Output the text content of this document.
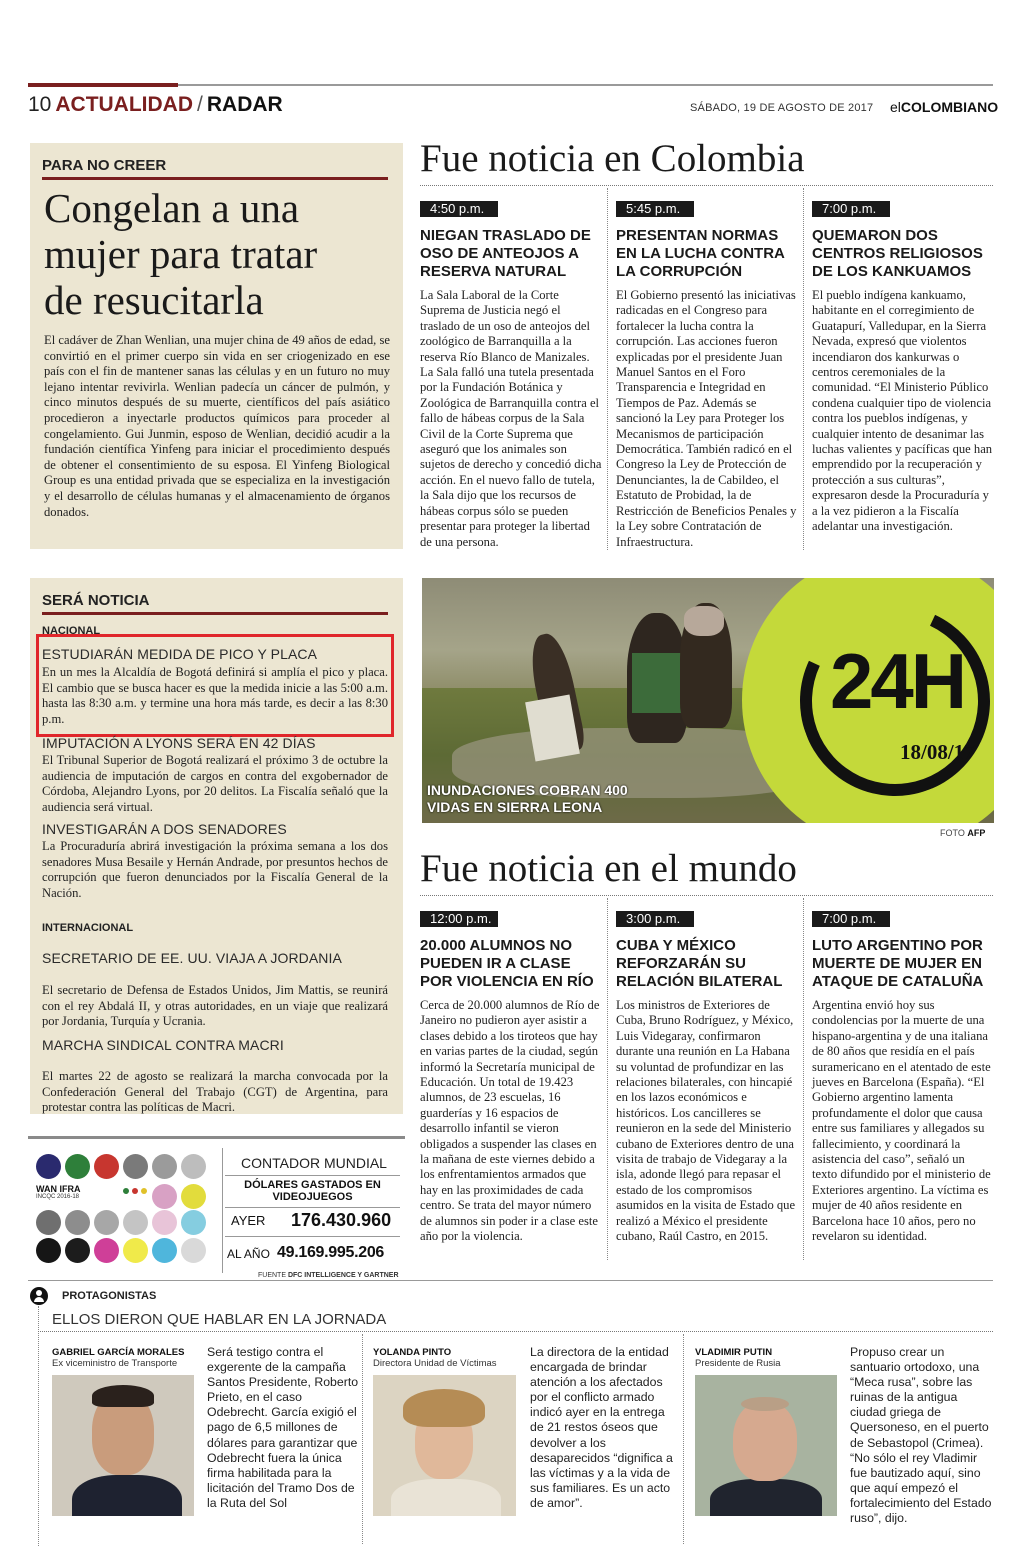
10 ACTUALIDAD / RADAR	SÁBADO, 19 DE AGOSTO DE 2017 elCOLOMBIANO
PARA NO CREER
Congelan a una
mujer para tratar
de resucitarla
El cadáver de Zhan Wenlian, una mujer china de 49 años de edad, se convirtió en el primer cuerpo sin vida en ser criogenizado en ese país con el fin de mantener sanas las células y en un futuro no muy lejano intentar revivirla. Wenlian padecía un cáncer de pulmón, y cinco minutos después de su muerte, científicos del país asiático procedieron a inyectarle productos químicos para proceder al congelamiento. Gui Junmin, esposo de Wenlian, decidió acudir a la fundación científica Yinfeng para iniciar el procedimiento después de obtener el consentimiento de su esposa. El Yinfeng Biological Group es una entidad privada que se especializa en la investigación y el desarrollo de células humanas y el almacenamiento de órganos donados.
SERÁ NOTICIA
NACIONAL
ESTUDIARÁN MEDIDA DE PICO Y PLACA
En un mes la Alcaldía de Bogotá definirá si amplía el pico y placa. El cambio que se busca hacer es que la medida inicie a las 5:00 a.m. hasta las 8:30 a.m. y termine una hora más tarde, es decir a las 8:30 p.m.
IMPUTACIÓN A LYONS SERÁ EN 42 DÍAS
El Tribunal Superior de Bogotá realizará el próximo 3 de octubre la audiencia de imputación de cargos en contra del exgobernador de Córdoba, Alejandro Lyons, por 20 delitos. La Fiscalía señaló que la audiencia será virtual.
INVESTIGARÁN A DOS SENADORES
La Procuraduría abrirá investigación la próxima semana a los dos senadores Musa Besaile y Hernán Andrade, por presuntos hechos de corrupción que fueron denunciados por la Fiscalía General de la Nación.
INTERNACIONAL
SECRETARIO DE EE. UU. VIAJA A JORDANIA
El secretario de Defensa de Estados Unidos, Jim Mattis, se reunirá con el rey Abdalá II, y otras autoridades, en un viaje que realizará por Jordania, Turquía y Ucrania.
MARCHA SINDICAL CONTRA MACRI
El martes 22 de agosto se realizará la marcha convocada por la Confederación General del Trabajo (CGT) de Argentina, para protestar contra las políticas de Macri.
Fue noticia en Colombia
4:50 p.m.
NIEGAN TRASLADO DE
OSO DE ANTEOJOS A
RESERVA NATURAL
La Sala Laboral de la Corte Suprema de Justicia negó el traslado de un oso de anteojos del zoológico de Barranquilla a la reserva Río Blanco de Manizales. La Sala falló una tutela presentada por la Fundación Botánica y Zoológica de Barranquilla contra el fallo de hábeas corpus de la Sala Civil de la Corte Suprema que aseguró que los animales son sujetos de derecho y concedió dicha acción. En el nuevo fallo de tutela, la Sala dijo que los recursos de hábeas corpus sólo se pueden presentar para proteger la libertad de una persona.
5:45 p.m.
PRESENTAN NORMAS
EN LA LUCHA CONTRA
LA CORRUPCIÓN
El Gobierno presentó las iniciativas radicadas en el Congreso para fortalecer la lucha contra la corrupción. Las acciones fueron explicadas por el presidente Juan Manuel Santos en el Foro Transparencia e Integridad en Tiempos de Paz. Además se sancionó la Ley para Proteger los Mecanismos de participación Democrática. También radicó en el Congreso la Ley de Protección de Denunciantes, la de Cabildeo, el Estatuto de Probidad, la de Restricción de Beneficios Penales y la Ley sobre Contratación de Infraestructura.
7:00 p.m.
QUEMARON DOS
CENTROS RELIGIOSOS
DE LOS KANKUAMOS
El pueblo indígena kankuamo, habitante en el corregimiento de Guatapurí, Valledupar, en la Sierra Nevada, expresó que violentos incendiaron dos kankurwas o centros ceremoniales de la comunidad. “El Ministerio Público condena cualquier tipo de violencia contra los pueblos indígenas, y cualquier intento de desanimar las luchas valientes y pacíficas que han emprendido por la recuperación y protección a sus culturas”, expresaron desde la Procuraduría y a la vez pidieron a la Fiscalía adelantar una investigación.
24H
18/08/17
INUNDACIONES COBRAN 400
VIDAS EN SIERRA LEONA
FOTO AFP
Fue noticia en el mundo
12:00 p.m.
20.000 ALUMNOS NO
PUEDEN IR A CLASE
POR VIOLENCIA EN RÍO
Cerca de 20.000 alumnos de Río de Janeiro no pudieron ayer asistir a clases debido a los tiroteos que hay en varias partes de la ciudad, según informó la Secretaría municipal de Educación. Un total de 19.423 alumnos, de 23 escuelas, 16 guarderías y 16 espacios de desarrollo infantil se vieron obligados a suspender las clases en la mañana de este viernes debido a los enfrentamientos armados que hay en las proximidades de cada centro. Se trata del mayor número de alumnos sin poder ir a clase este año por la violencia.
3:00 p.m.
CUBA Y MÉXICO
REFORZARÁN SU
RELACIÓN BILATERAL
Los ministros de Exteriores de Cuba, Bruno Rodríguez, y México, Luis Videgaray, confirmaron durante una reunión en La Habana su voluntad de profundizar en las relaciones bilaterales, con hincapié en los lazos económicos e históricos. Los cancilleres se reunieron en la sede del Ministerio cubano de Exteriores dentro de una visita de trabajo de Videgaray a la isla, adonde llegó para repasar el estado de los compromisos asumidos en la visita de Estado que realizó a México el presidente cubano, Raúl Castro, en 2015.
7:00 p.m.
LUTO ARGENTINO POR
MUERTE DE MUJER EN
ATAQUE DE CATALUÑA
Argentina envió hoy sus condolencias por la muerte de una hispano-argentina y de una italiana de 80 años que residía en el país suramericano en el atentado de este jueves en Barcelona (España). “El Gobierno argentino lamenta profundamente el dolor que causa entre sus familiares y allegados su fallecimiento, y coordinará la asistencia del caso”, señaló un texto difundido por el ministerio de Exteriores argentino. La víctima es mujer de 40 años residente en Barcelona hace 10 años, pero no revelaron su identidad.
WAN IFRA
INCQC 2016-18
CONTADOR MUNDIAL
DÓLARES GASTADOS EN
VIDEOJUEGOS
AYER 176.430.960
AL AÑO 49.169.995.206
FUENTE DFC INTELLIGENCE Y GARTNER
PROTAGONISTAS
ELLOS DIERON QUE HABLAR EN LA JORNADA
GABRIEL GARCÍA MORALES
Ex viceministro de Transporte
Será testigo contra el exgerente de la campaña Santos Presidente, Roberto Prieto, en el caso Odebrecht. García exigió el pago de 6,5 millones de dólares para garantizar que Odebrecht fuera la única firma habilitada para la licitación del Tramo Dos de la Ruta del Sol
YOLANDA PINTO
Directora Unidad de Víctimas
La directora de la entidad encargada de brindar atención a los afectados por el conflicto armado indicó ayer en la entrega de 21 restos óseos que devolver a los desaparecidos “dignifica a las víctimas y a la vida de sus familiares. Es un acto de amor”.
VLADIMIR PUTIN
Presidente de Rusia
Propuso crear un santuario ortodoxo, una “Meca rusa”, sobre las ruinas de la antigua ciudad griega de Quersoneso, en el puerto de Sebastopol (Crimea). “No sólo el rey Vladimir fue bautizado aquí, sino que aquí empezó el fortalecimiento del Estado ruso”, dijo.
